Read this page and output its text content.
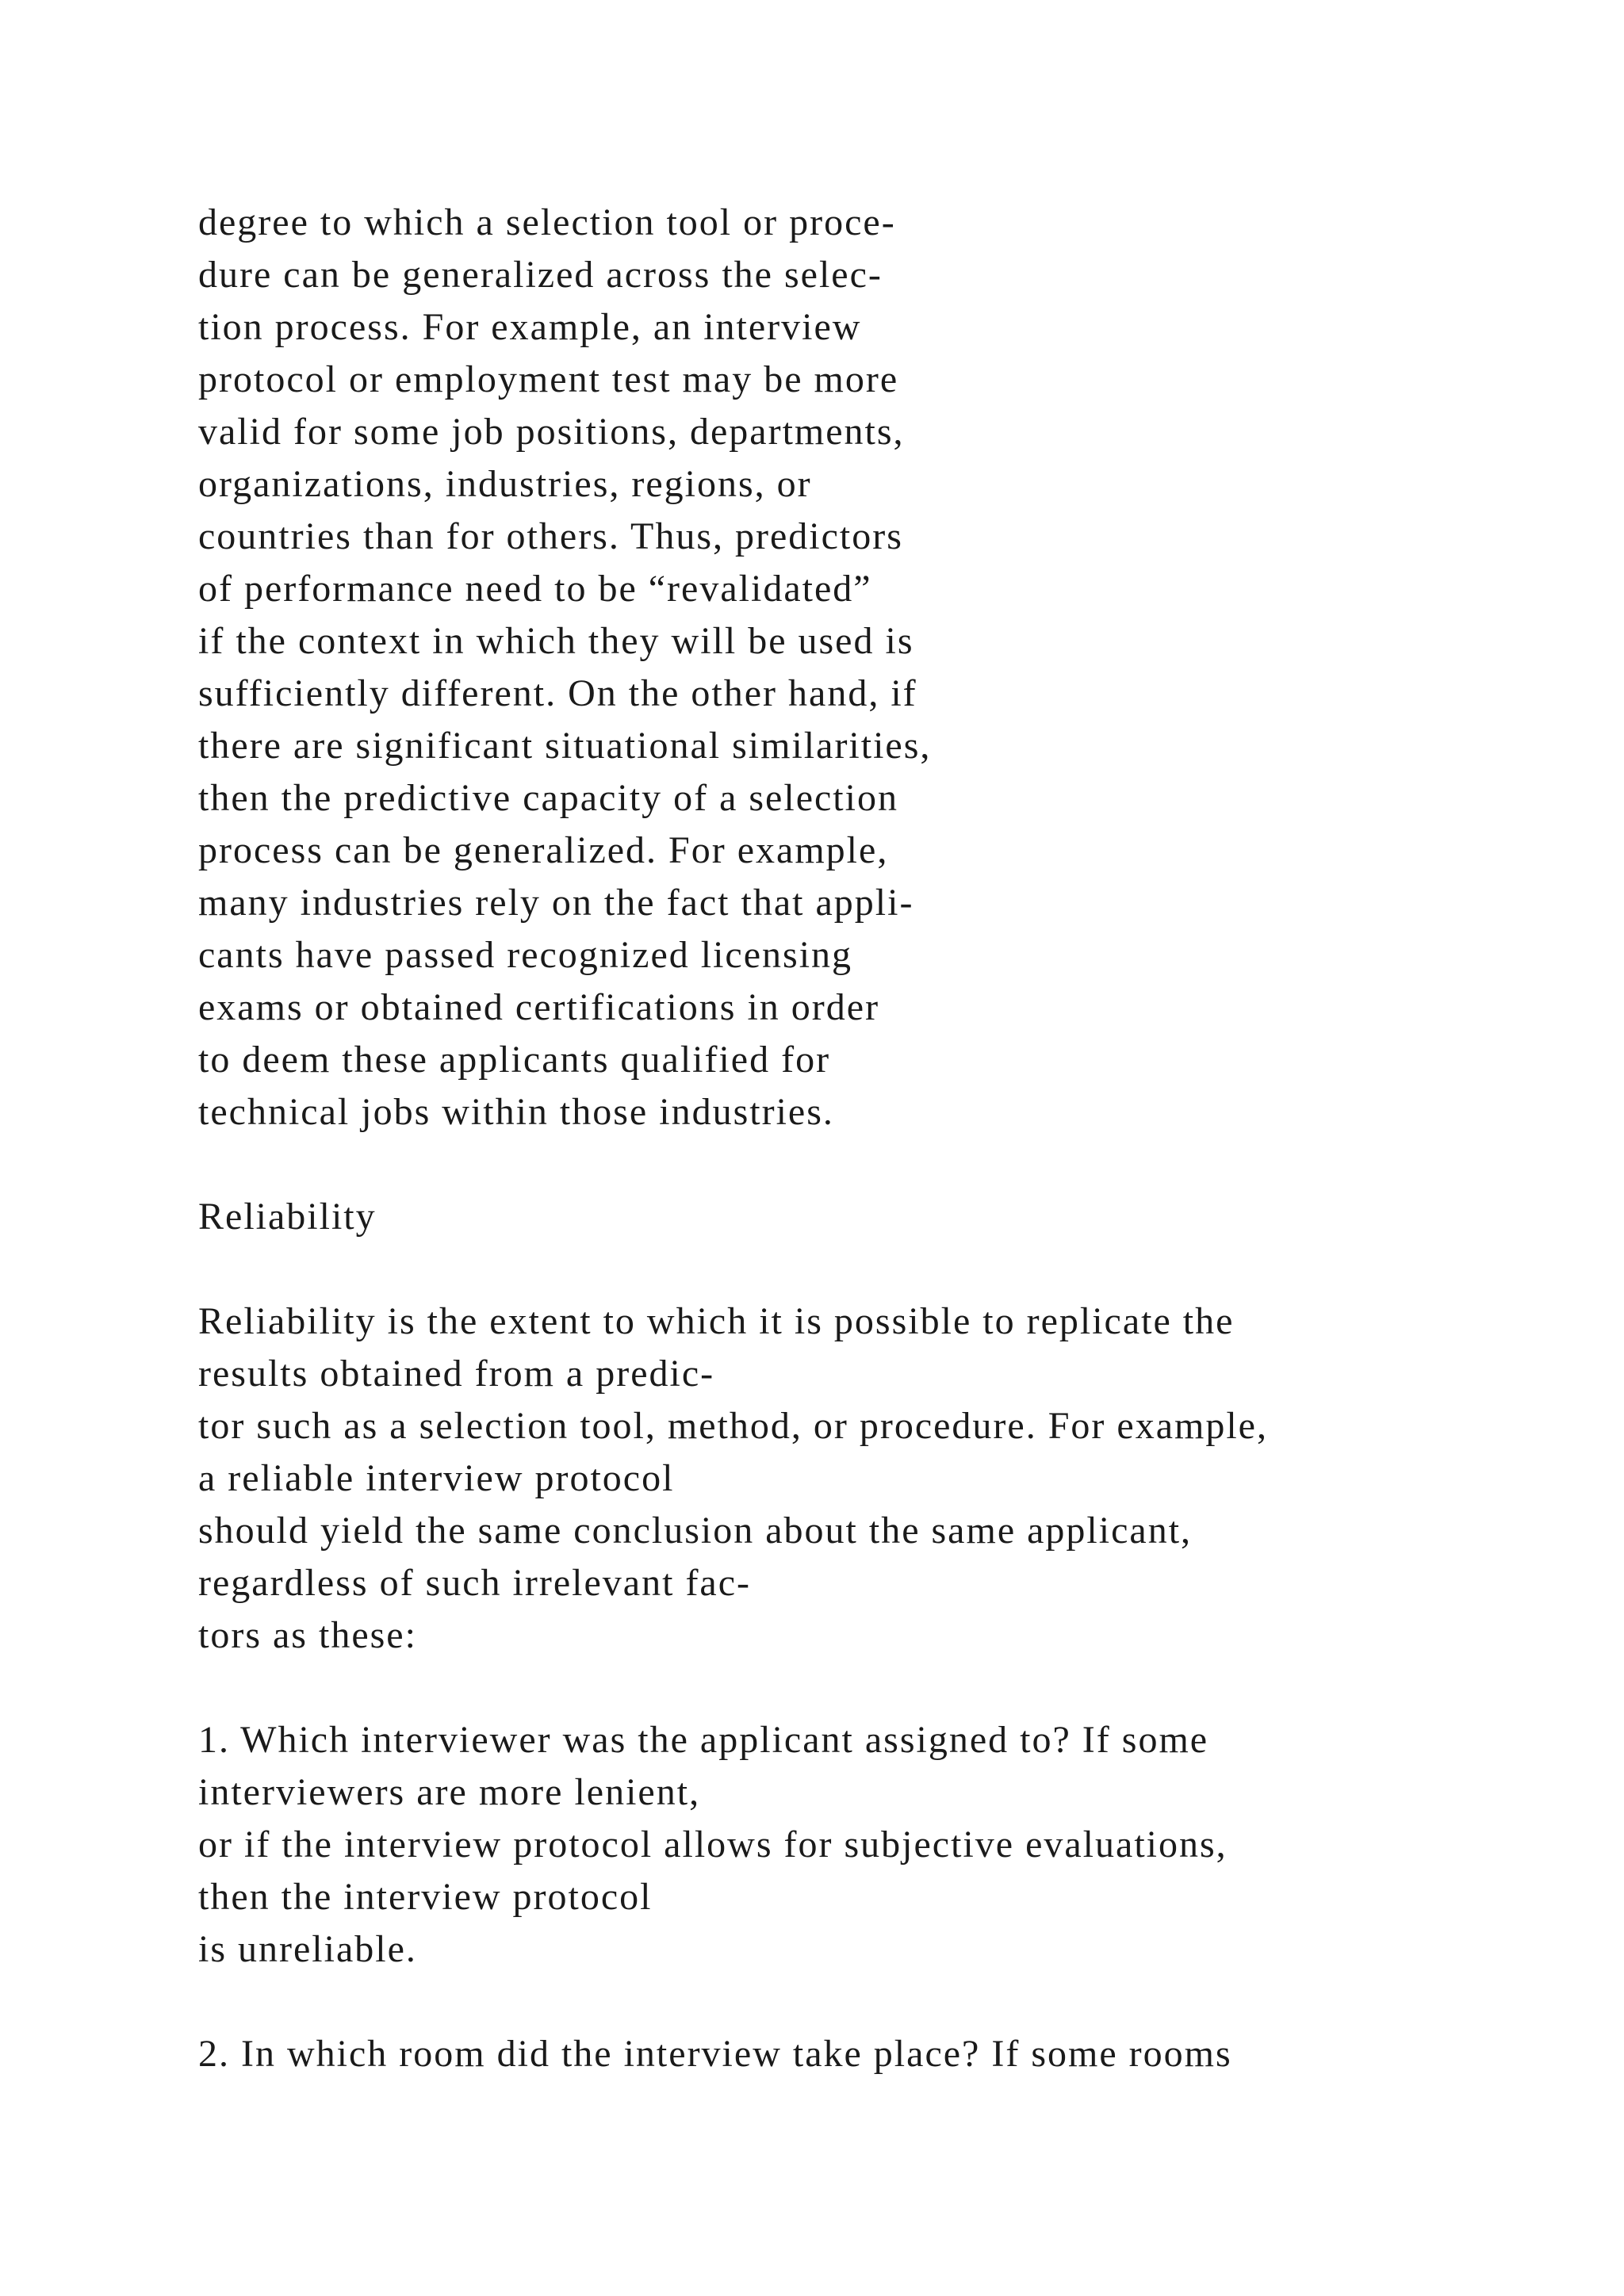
degree to which a selection tool or proce-

dure can be generalized across the selec-

tion process. For example, an interview

protocol or employment test may be more

valid for some job positions, departments,

organizations, industries, regions, or

countries than for others. Thus, predictors

of performance need to be “revalidated”

if the context in which they will be used is

sufficiently different. On the other hand, if

there are significant situational similarities,

then the predictive capacity of a selection

process can be generalized. For example,

many industries rely on the fact that appli-

cants have passed recognized licensing

exams or obtained certifications in order

to deem these applicants qualified for

technical jobs within those industries.

Reliability

Reliability is the extent to which it is possible to replicate the

results obtained from a predic-

tor such as a selection tool, method, or procedure. For example,

a reliable interview protocol

should yield the same conclusion about the same applicant,

regardless of such irrelevant fac-

tors as these:

1. Which interviewer was the applicant assigned to? If some

interviewers are more lenient,

or if the interview protocol allows for subjective evaluations,

then the interview protocol

is unreliable.

2. In which room did the interview take place? If some rooms
